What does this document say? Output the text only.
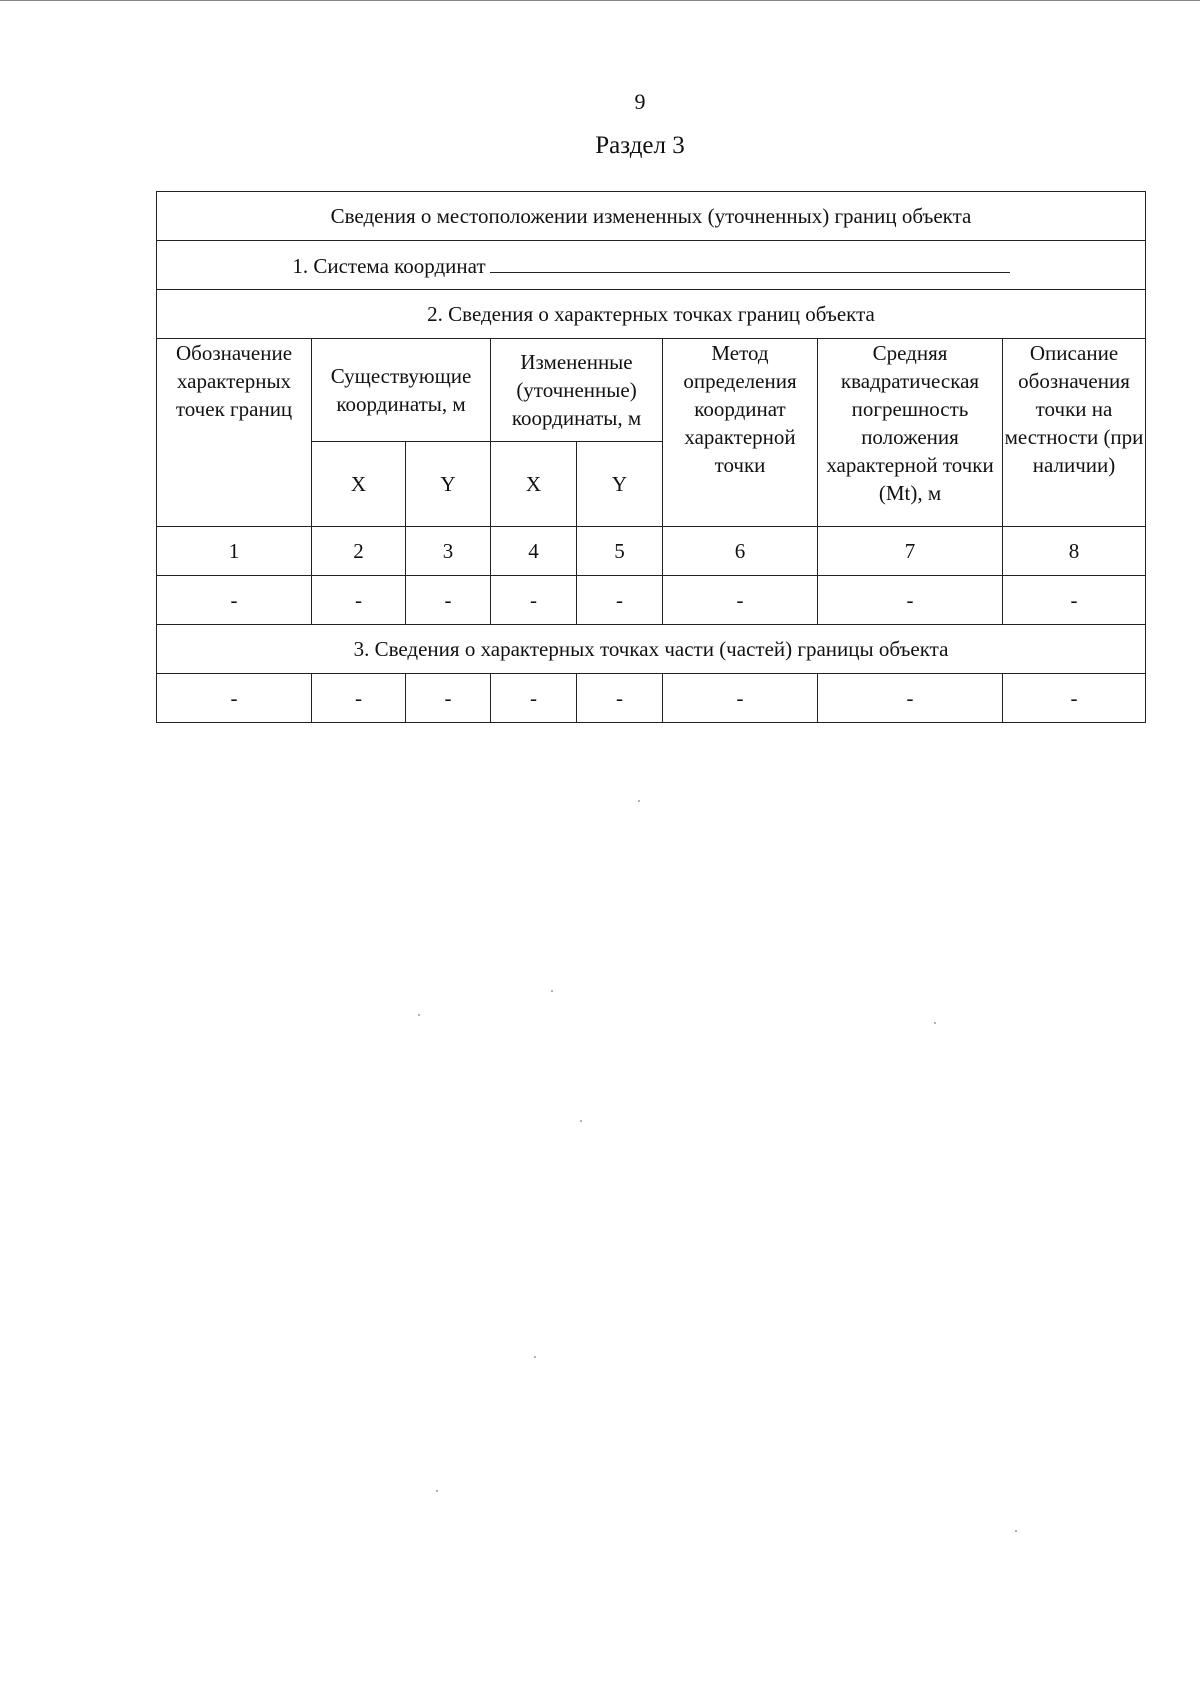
9
Раздел 3
Сведения о местоположении измененных (уточненных) границ объекта							
1. Система координат							
2. Сведения о характерных точках границ объекта							
Обозначение характерных точек границ	Существующие координаты, м		Измененные (уточненные) координаты, м		Метод определения координат характерной точки	Средняя квадратическая погрешность положения характерной точки (Mt), м	Описание обозначения точки на местности (при наличии)
	X	Y	X	Y			
1	2	3	4	5	6	7	8
-	-	-	-	-	-	-	-
3. Сведения о характерных точках части (частей) границы объекта							
-	-	-	-	-	-	-	-
